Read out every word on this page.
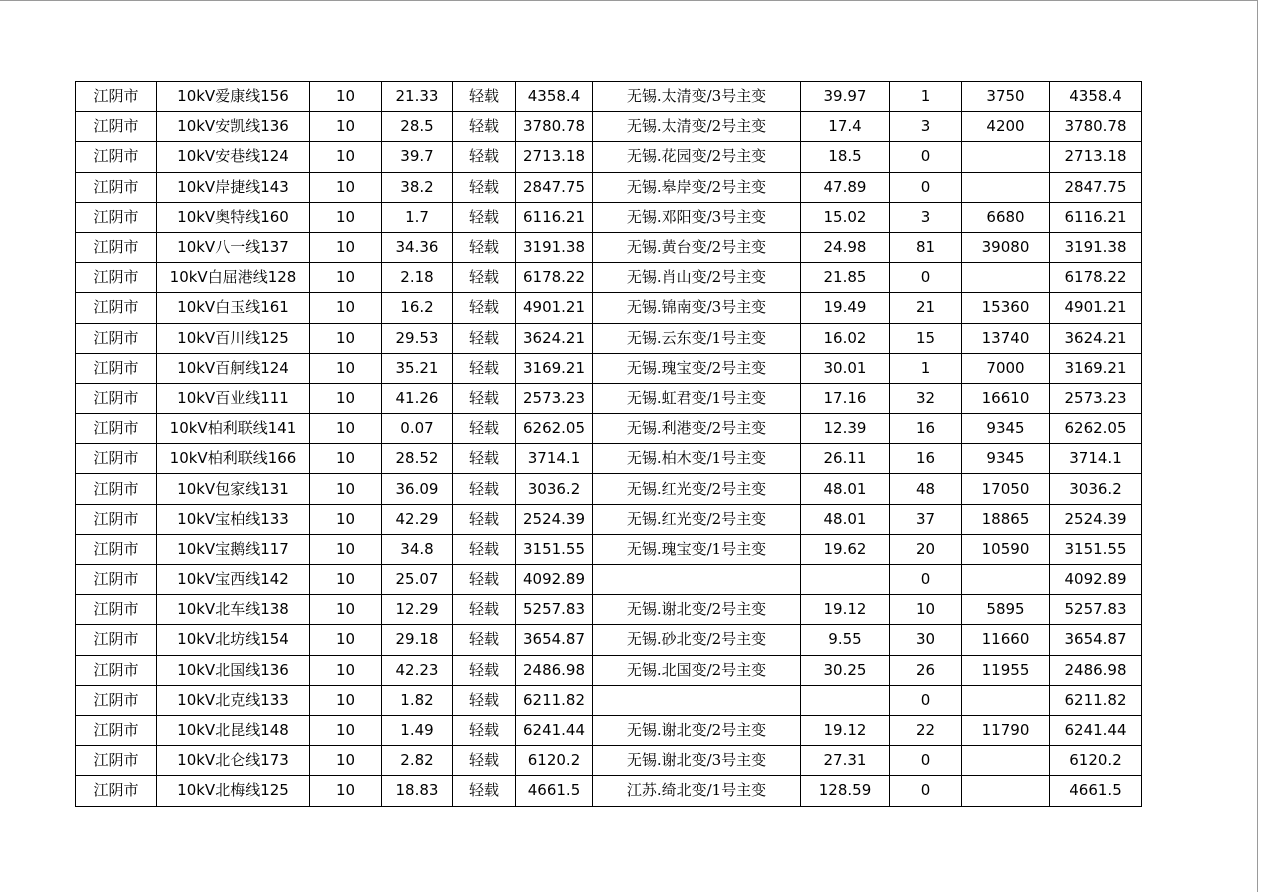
江阴市	10kV爱康线156	10	21.33	轻载	4358.4	无锡.太清变/3号主变	39.97	1	3750	4358.4
江阴市	10kV安凯线136	10	28.5	轻载	3780.78	无锡.太清变/2号主变	17.4	3	4200	3780.78
江阴市	10kV安巷线124	10	39.7	轻载	2713.18	无锡.花园变/2号主变	18.5	0		2713.18
江阴市	10kV岸捷线143	10	38.2	轻载	2847.75	无锡.皋岸变/2号主变	47.89	0		2847.75
江阴市	10kV奥特线160	10	1.7	轻载	6116.21	无锡.邓阳变/3号主变	15.02	3	6680	6116.21
江阴市	10kV八一线137	10	34.36	轻载	3191.38	无锡.黄台变/2号主变	24.98	81	39080	3191.38
江阴市	10kV白屈港线128	10	2.18	轻载	6178.22	无锡.肖山变/2号主变	21.85	0		6178.22
江阴市	10kV白玉线161	10	16.2	轻载	4901.21	无锡.锦南变/3号主变	19.49	21	15360	4901.21
江阴市	10kV百川线125	10	29.53	轻载	3624.21	无锡.云东变/1号主变	16.02	15	13740	3624.21
江阴市	10kV百舸线124	10	35.21	轻载	3169.21	无锡.瑰宝变/2号主变	30.01	1	7000	3169.21
江阴市	10kV百业线111	10	41.26	轻载	2573.23	无锡.虹君变/1号主变	17.16	32	16610	2573.23
江阴市	10kV柏利联线141	10	0.07	轻载	6262.05	无锡.利港变/2号主变	12.39	16	9345	6262.05
江阴市	10kV柏利联线166	10	28.52	轻载	3714.1	无锡.柏木变/1号主变	26.11	16	9345	3714.1
江阴市	10kV包家线131	10	36.09	轻载	3036.2	无锡.红光变/2号主变	48.01	48	17050	3036.2
江阴市	10kV宝柏线133	10	42.29	轻载	2524.39	无锡.红光变/2号主变	48.01	37	18865	2524.39
江阴市	10kV宝鹅线117	10	34.8	轻载	3151.55	无锡.瑰宝变/1号主变	19.62	20	10590	3151.55
江阴市	10kV宝西线142	10	25.07	轻载	4092.89			0		4092.89
江阴市	10kV北车线138	10	12.29	轻载	5257.83	无锡.谢北变/2号主变	19.12	10	5895	5257.83
江阴市	10kV北坊线154	10	29.18	轻载	3654.87	无锡.砂北变/2号主变	9.55	30	11660	3654.87
江阴市	10kV北国线136	10	42.23	轻载	2486.98	无锡.北国变/2号主变	30.25	26	11955	2486.98
江阴市	10kV北克线133	10	1.82	轻载	6211.82			0		6211.82
江阴市	10kV北昆线148	10	1.49	轻载	6241.44	无锡.谢北变/2号主变	19.12	22	11790	6241.44
江阴市	10kV北仑线173	10	2.82	轻载	6120.2	无锡.谢北变/3号主变	27.31	0		6120.2
江阴市	10kV北梅线125	10	18.83	轻载	4661.5	江苏.绮北变/1号主变	128.59	0		4661.5
